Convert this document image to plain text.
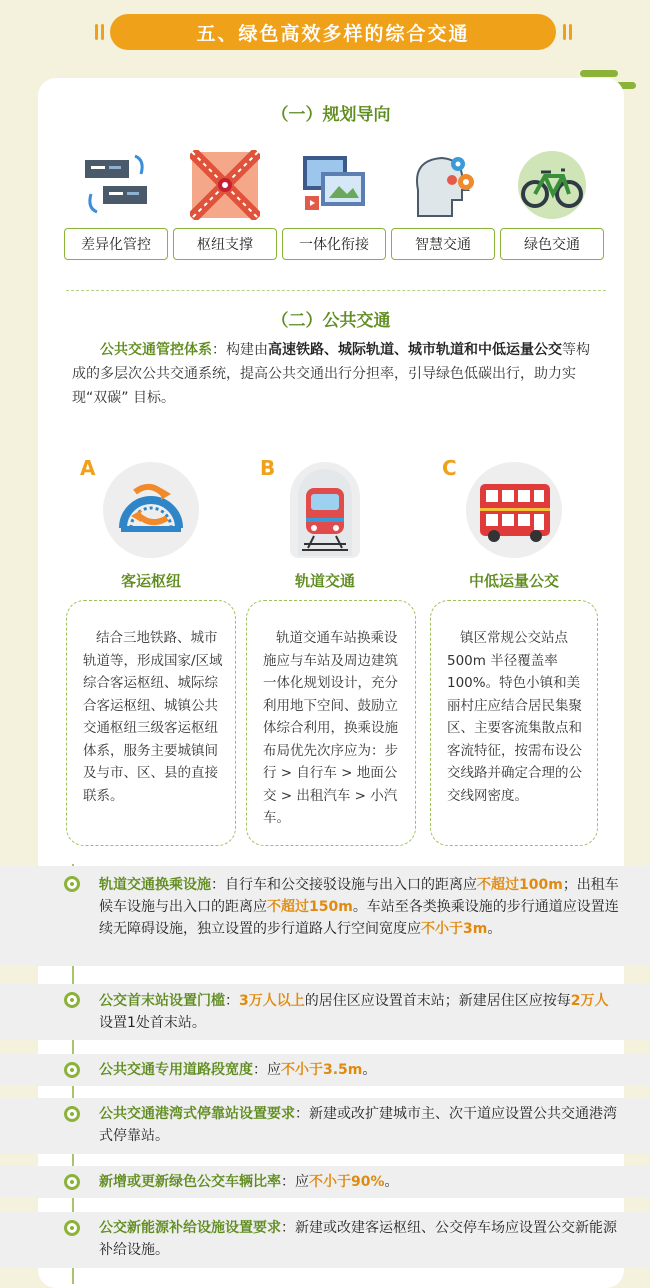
五、绿色高效多样的综合交通
（一）规划导向
差异化管控	枢纽支撑	一体化衔接	智慧交通	绿色交通
（二）公共交通
公共交通管控体系：构建由高速铁路、城际轨道、城市轨道和中低运量公交等构成的多层次公共交通系统，提高公共交通出行分担率，引导绿色低碳出行，助力实现“双碳” 目标。
A
客运枢纽
结合三地铁路、城市轨道等，形成国家/区域综合客运枢纽、城际综合客运枢纽、城镇公共交通枢纽三级客运枢纽体系，服务主要城镇间及与市、区、县的直接联系。
B
轨道交通
轨道交通车站换乘设施应与车站及周边建筑一体化规划设计，充分利用地下空间、鼓励立体综合利用，换乘设施布局优先次序应为：步行 > 自行车 > 地面公交 > 出租汽车 > 小汽车。
C
中低运量公交
镇区常规公交站点500m 半径覆盖率100%。特色小镇和美丽村庄应结合居民集聚区、主要客流集散点和客流特征，按需布设公交线路并确定合理的公交线网密度。
轨道交通换乘设施：自行车和公交接驳设施与出入口的距离应不超过100m；出租车候车设施与出入口的距离应不超过150m。车站至各类换乘设施的步行通道应设置连续无障碍设施，独立设置的步行道路人行空间宽度应不小于3m。
公交首末站设置门槛：3万人以上的居住区应设置首末站；新建居住区应按每2万人设置1处首末站。
公共交通专用道路段宽度：应不小于3.5m。
公共交通港湾式停靠站设置要求：新建或改扩建城市主、次干道应设置公共交通港湾式停靠站。
新增或更新绿色公交车辆比率：应不小于90%。
公交新能源补给设施设置要求：新建或改建客运枢纽、公交停车场应设置公交新能源补给设施。
